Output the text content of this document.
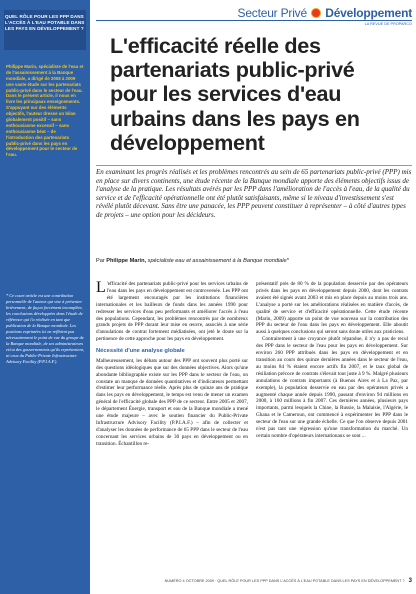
QUEL RÔLE POUR LES PPP DANS L'ACCÈS À L'EAU POTABLE DANS LES PAYS EN DÉVELOPPEMENT ?
Philippe Marin, spécialiste de l'eau et de l'assainissement à la Banque mondiale, a dirigé de 2008 à 2009 une vaste étude sur les partenariats public-privé dans le secteur de l'eau. Dans le présent article, il nous en livre les principaux enseignements. S'appuyant sur des éléments objectifs, l'auteur dresse un bilan globalement positif – sans enthousiasme excessif – sans enthousiasme béat – de l'introduction des partenariats public-privé dans les pays en développement pour le secteur de l'eau.
* Ce court article est une contribution personnelle de l'auteur qui vise à présenter brièvement, de façon forcément incomplète, les conclusions développées dans l'étude de référence qui l'a réalisée en tant que publication de la Banque mondiale. Les positions exprimées ici ne reflètent pas nécessairement le point de vue du groupe de la Banque mondiale, de ses administrateurs et/ou des gouvernements qu'ils représentent, ni ceux du Public-Private Infrastructure Advisory Facility (P.P.I.A.F.).
Secteur Privé Développement
LA REVUE DE PROPARCO
L'efficacité réelle des partenariats public-privé pour les services d'eau urbains dans les pays en développement

En examinant les progrès réalisés et les problèmes rencontrés au sein de 65 partenariats public-privé (PPP) mis en place sur divers continents, une étude récente de la Banque mondiale apporte des éléments objectifs issus de l'analyse de la pratique. Les résultats avérés par les PPP dans l'amélioration de l'accès à l'eau, de la qualité du service et de l'efficacité opérationnelle ont été plutôt satisfaisants, même si le niveau d'investissement s'est révélé plutôt décevant. Sans être une panacée, les PPP peuvent constituer à représenter – à côté d'autres types de projets – une option pour les décideurs.

Par Philippe Marin, spécialiste eau et assainissement à la Banque mondiale*

L 'efficacité des partenariats public-privé pour les services urbains de l'eau dans les pays en développement est controversée. Les PPP ont été largement encouragés par les institutions financières internationales et les bailleurs de fonds dans les années 1990 pour redresser les services d'eau peu performants et améliorer l'accès à l'eau des populations. Cependant, les problèmes rencontrés par de nombreux grands projets de PPP durant leur mise en œuvre, associés à une série d'annulations de contrat fortement médiatisées, ont jeté le doute sur la pertinence de cette approche pour les pays en développement.

Nécessité d'une analyse globale

Malheureusement, les débats autour des PPP ont souvent plus porté sur des questions idéologiques que sur des données objectives. Alors qu'une abondante bibliographie existe sur les PPP dans le secteur de l'eau, on constate un manque de données quantitatives et d'indicateurs permettant d'estimer leur performance réelle. Après plus de quinze ans de pratique dans les pays en développement, le temps est venu de mener un examen général de l'efficacité globale des PPP de ce secteur. Entre 2005 et 2007, le département Énergie, transport et eau de la Banque mondiale a mené une étude majeure – avec le soutien financier du Public-Private Infrastructure Advisory Facility (P.P.I.A.F.) – afin de collecter et d'analyser les données de performance de 65 PPP dans le secteur de l'eau concernant les services urbains de 30 pays en développement ou en transition. Échantillon re-

présentatif près de 80 % de la population desservie par des opérateurs privés dans les pays en développement depuis 2000, dont les contrats avaient été signés avant 2003 et mis en place depuis au moins trois ans. L'analyse a porté sur les améliorations réalisées en matière d'accès, de qualité de service et d'efficacité opérationnelle. Cette étude récente (Marin, 2009) apporte un point de vue nouveau sur la contribution des PPP du secteur de l'eau dans les pays en développement. Elle aboutit aussi à quelques conclusions qui seront sans doute utiles aux praticiens.

Contrairement à une croyance plutôt répandue, il n'y a pas de recul des PPP dans le secteur de l'eau pour les pays en développement. Sur environ 260 PPP attribués dans les pays en développement et en transition au cours des quinze dernières années dans le secteur de l'eau, au moins 84 % étaient encore actifs fin 2007, et le taux global de résiliation précoce de contrats s'élevait tout juste à 9 %. Malgré plusieurs annulations de contrats importants (à Buenos Aires et à La Paz, par exemple), la population desservie en eau par des opérateurs privés a augmenté chaque année depuis 1990, passant d'environ 94 millions en 2000, à 160 millions à fin 2007. Ces dernières années, plusieurs pays importants, parmi lesquels la Chine, la Russie, la Malaisie, l'Algérie, le Ghana et le Cameroun, ont commencé à expérimenter les PPP dans le secteur de l'eau sur une grande échelle. Ce que l'on observe depuis 2001 n'est pas tant une régression qu'une transformation du marché. Un certain nombre d'opérateurs internationaux se sont ...

NUMÉRO 4 OCTOBRE 2009 · QUEL RÔLE POUR LES PPP DANS L'ACCÈS À L'EAU POTABLE DANS LES PAYS EN DÉVELOPPEMENT ? 3
